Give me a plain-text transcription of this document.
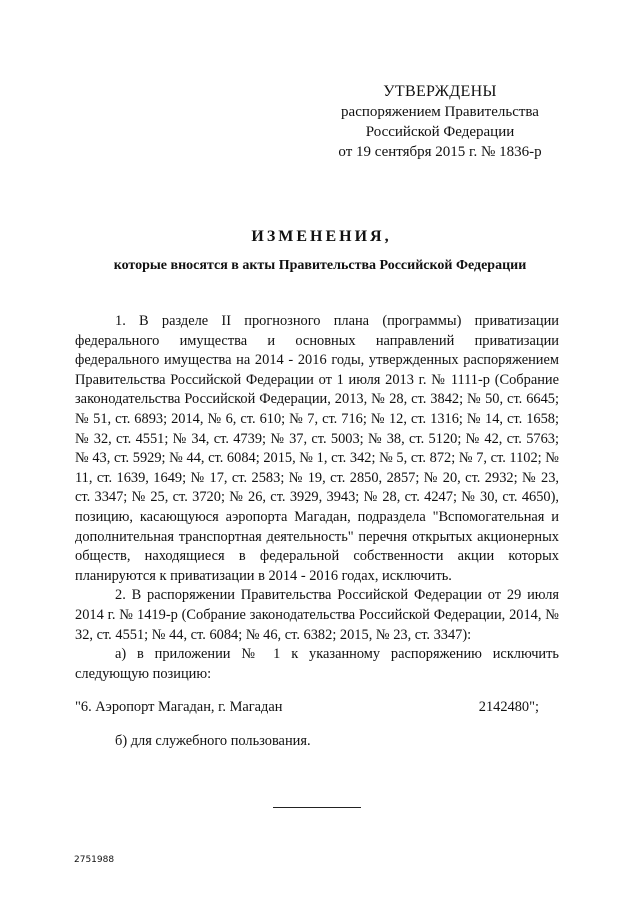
УТВЕРЖДЕНЫ
распоряжением Правительства
Российской Федерации
от 19 сентября 2015 г. № 1836-р
ИЗМЕНЕНИЯ,
которые вносятся в акты Правительства Российской Федерации

1. В разделе II прогнозного плана (программы) приватизации федерального имущества и основных направлений приватизации федерального имущества на 2014 - 2016 годы, утвержденных распоряжением Правительства Российской Федерации от 1 июля 2013 г. № 1111-р (Собрание законодательства Российской Федерации, 2013, № 28, ст. 3842; № 50, ст. 6645; № 51, ст. 6893; 2014, № 6, ст. 610; № 7, ст. 716; № 12, ст. 1316; № 14, ст. 1658; № 32, ст. 4551; № 34, ст. 4739; № 37, ст. 5003; № 38, ст. 5120; № 42, ст. 5763; № 43, ст. 5929; № 44, ст. 6084; 2015, № 1, ст. 342; № 5, ст. 872; № 7, ст. 1102; № 11, ст. 1639, 1649; № 17, ст. 2583; № 19, ст. 2850, 2857; № 20, ст. 2932; № 23, ст. 3347; № 25, ст. 3720; № 26, ст. 3929, 3943; № 28, ст. 4247; № 30, ст. 4650), позицию, касающуюся аэропорта Магадан, подраздела "Вспомогательная и дополнительная транспортная деятельность" перечня открытых акционерных обществ, находящиеся в федеральной собственности акции которых планируются к приватизации в 2014 - 2016 годах, исключить.

2. В распоряжении Правительства Российской Федерации от 29 июля 2014 г. № 1419-р (Собрание законодательства Российской Федерации, 2014, № 32, ст. 4551; № 44, ст. 6084; № 46, ст. 6382; 2015, № 23, ст. 3347):

а) в приложении № 1 к указанному распоряжению исключить следующую позицию:

"6. Аэропорт Магадан, г. Магадан	2142480";

б) для служебного пользования.

2751988
